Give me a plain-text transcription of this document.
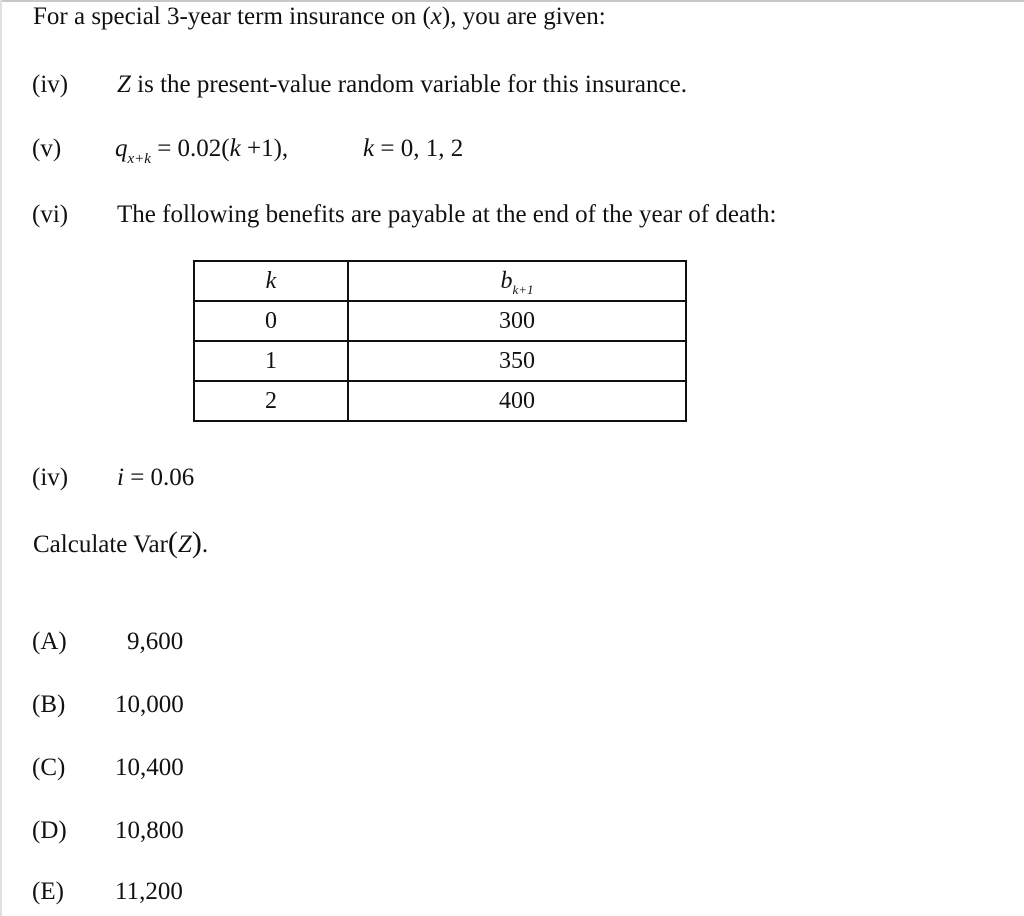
For a special 3-year term insurance on (x), you are given:
(iv) Z is the present-value random variable for this insurance.
(v) $q_{x+k} = 0.02(k +1)$,	k = 0, 1, 2
(vi) The following benefits are payable at the end of the year of death:
k	$b_{k+1}$
0	300
1	350
2	400
(iv) i = 0.06
Calculate Var(Z).
(A) 9,600
(B) 10,000
(C) 10,400
(D) 10,800
(E) 11,200
